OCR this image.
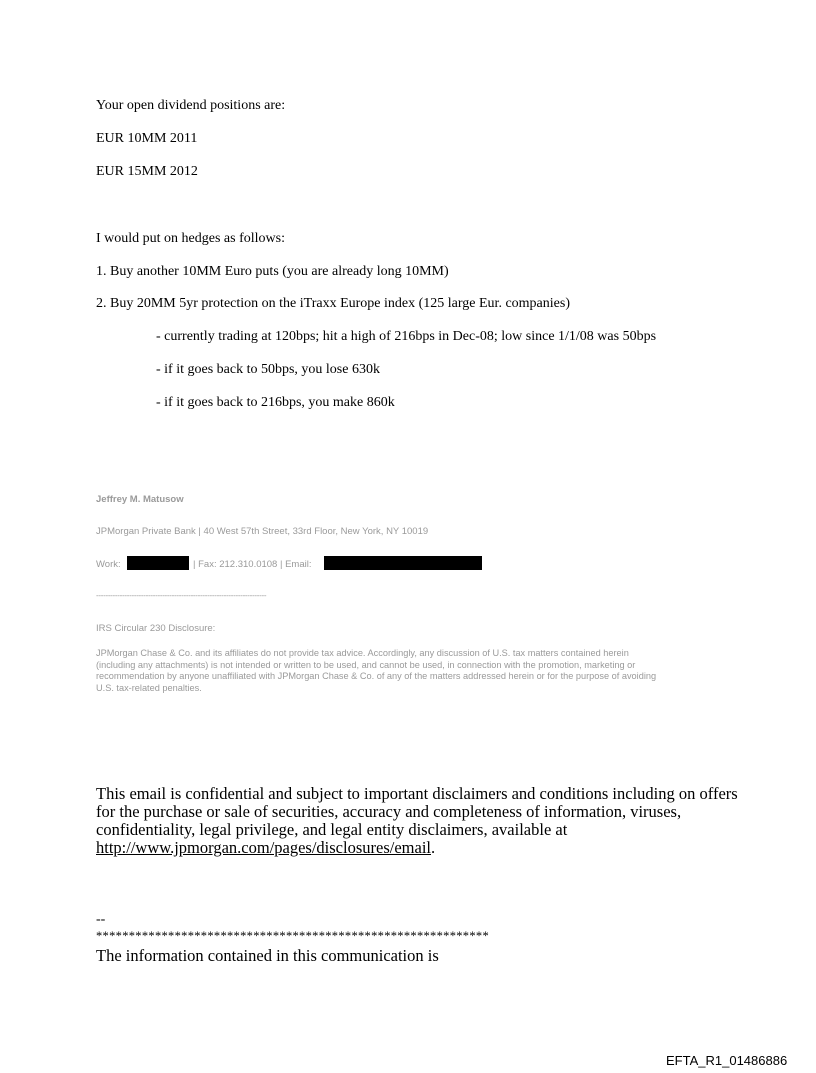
Your open dividend positions are:
EUR 10MM 2011
EUR 15MM 2012
I would put on hedges as follows:
1. Buy another 10MM Euro puts (you are already long 10MM)
2. Buy 20MM 5yr protection on the iTraxx Europe index (125 large Eur. companies)
- currently trading at 120bps; hit a high of 216bps in Dec-08; low since 1/1/08 was 50bps
- if it goes back to 50bps, you lose 630k
- if it goes back to 216bps, you make 860k
Jeffrey M. Matusow
JPMorgan Private Bank | 40 West 57th Street, 33rd Floor, New York, NY 10019
Work:	| Fax: 212.310.0108 | Email:
------------------------------------------------------------------------
IRS Circular 230 Disclosure:
JPMorgan Chase & Co. and its affiliates do not provide tax advice. Accordingly, any discussion of U.S. tax matters contained herein
(including any attachments) is not intended or written to be used, and cannot be used, in connection with the promotion, marketing or
recommendation by anyone unaffiliated with JPMorgan Chase & Co. of any of the matters addressed herein or for the purpose of avoiding
U.S. tax-related penalties.
This email is confidential and subject to important disclaimers and conditions including on offers
for the purchase or sale of securities, accuracy and completeness of information, viruses,
confidentiality, legal privilege, and legal entity disclaimers, available at
http://www.jpmorgan.com/pages/disclosures/email.
--
************************************************************
The information contained in this communication is
EFTA_R1_01486886
